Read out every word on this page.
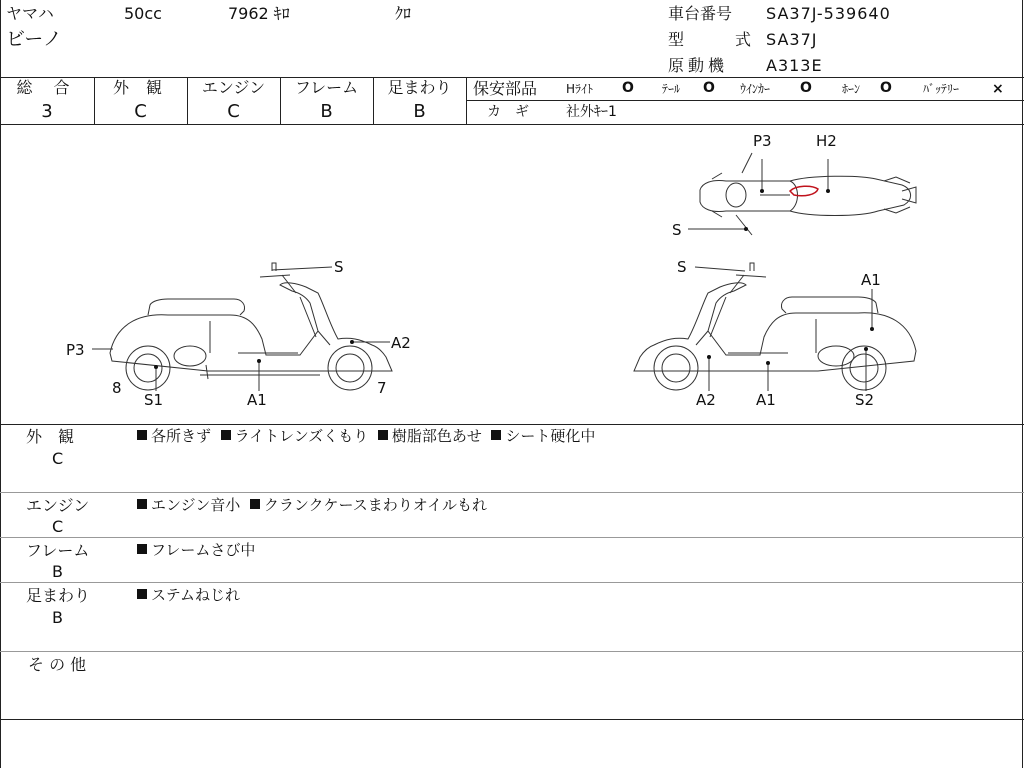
ヤマハ	50cc	7962 ｷﾛ	ｸﾛ
ビーノ
車台番号 SA37J-539640
型	式 SA37J
原動機 A313E
総 合
3
外 観
C
エンジン
C
フレーム
B
足まわり
B
保安部品 Hﾗｲﾄ O ﾃｰﾙ O ｳｲﾝｶｰ O	ﾎｰﾝ O	ﾊﾞｯﾃﾘｰ ×
カ　ギ	社外ｷｰ1
S
A2
P3
8
S1	A1
7
P3	H2
S
S
A1
A2	A1	S2
外　観
C
各所きず ライトレンズくもり 樹脂部色あせ シート硬化中
エンジン
C
エンジン音小 クランクケースまわりオイルもれ
フレーム
B
フレームさび中
足まわり
B
ステムねじれ
そ の 他
